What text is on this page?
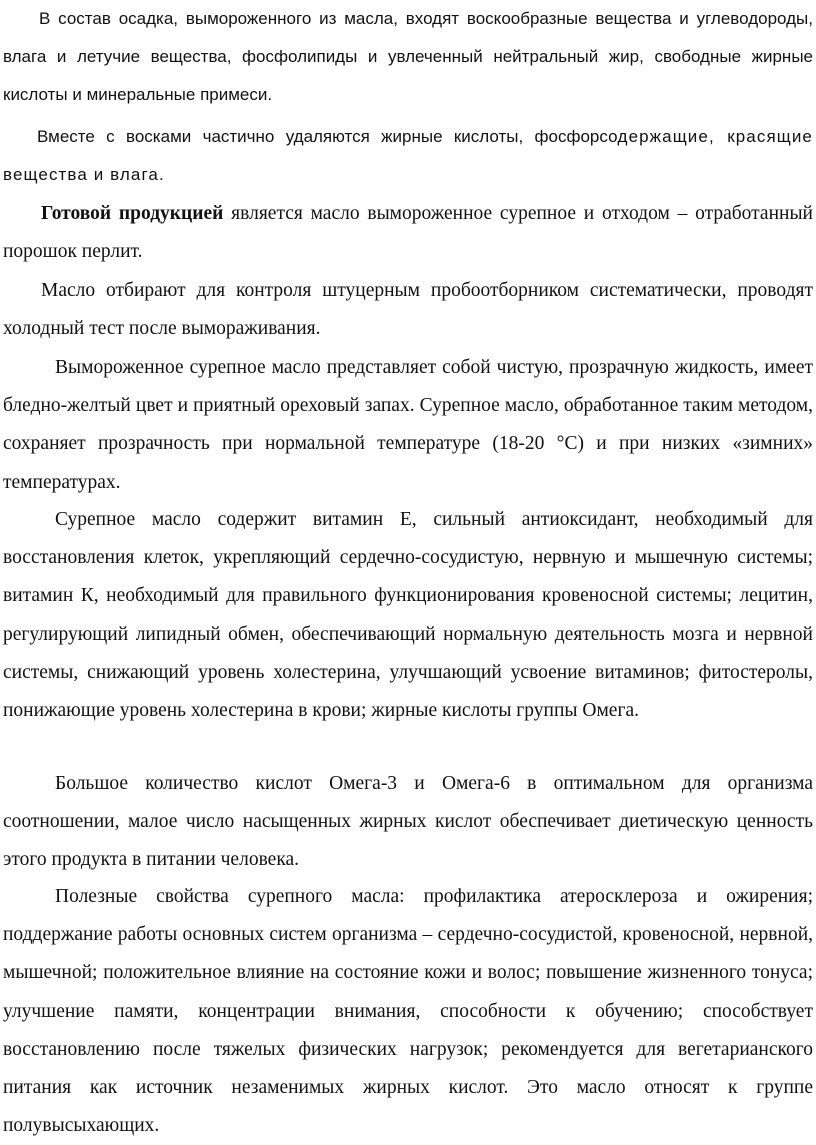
В состав осадка, вымороженного из масла, входят воскообразные вещества и углеводороды, влага и летучие вещества, фосфолипиды и увлеченный нейтральный жир, свободные жирные кислоты и минеральные примеси.

Вместе с восками частично удаляются жирные кислоты, фосфорсодержащие, красящие вещества и влага.

Готовой продукцией является масло вымороженное сурепное и отходом – отработанный порошок перлит.

Масло отбирают для контроля штуцерным пробоотборником систематически, проводят холодный тест после вымораживания.

Вымороженное сурепное масло представляет собой чистую, прозрачную жидкость, имеет бледно-желтый цвет и приятный ореховый запах. Сурепное масло, обработанное таким методом, сохраняет прозрачность при нормальной температуре (18-20 °С) и при низких «зимних» температурах.

Сурепное масло содержит витамин Е, сильный антиоксидант, необходимый для восстановления клеток, укрепляющий сердечно-сосудистую, нервную и мышечную системы; витамин К, необходимый для правильного функционирования кровеносной системы; лецитин, регулирующий липидный обмен, обеспечивающий нормальную деятельность мозга и нервной системы, снижающий уровень холестерина, улучшающий усвоение витаминов; фитостеролы, понижающие уровень холестерина в крови; жирные кислоты группы Омега.

Большое количество кислот Омега-3 и Омега-6 в оптимальном для организма соотношении, малое число насыщенных жирных кислот обеспечивает диетическую ценность этого продукта в питании человека.

Полезные свойства сурепного масла: профилактика атеросклероза и ожирения; поддержание работы основных систем организма – сердечно-сосудистой, кровеносной, нервной, мышечной; положительное влияние на состояние кожи и волос; повышение жизненного тонуса; улучшение памяти, концентрации внимания, способности к обучению; способствует восстановлению после тяжелых физических нагрузок; рекомендуется для вегетарианского питания как источник незаменимых жирных кислот. Это масло относят к группе полувысыхающих.
